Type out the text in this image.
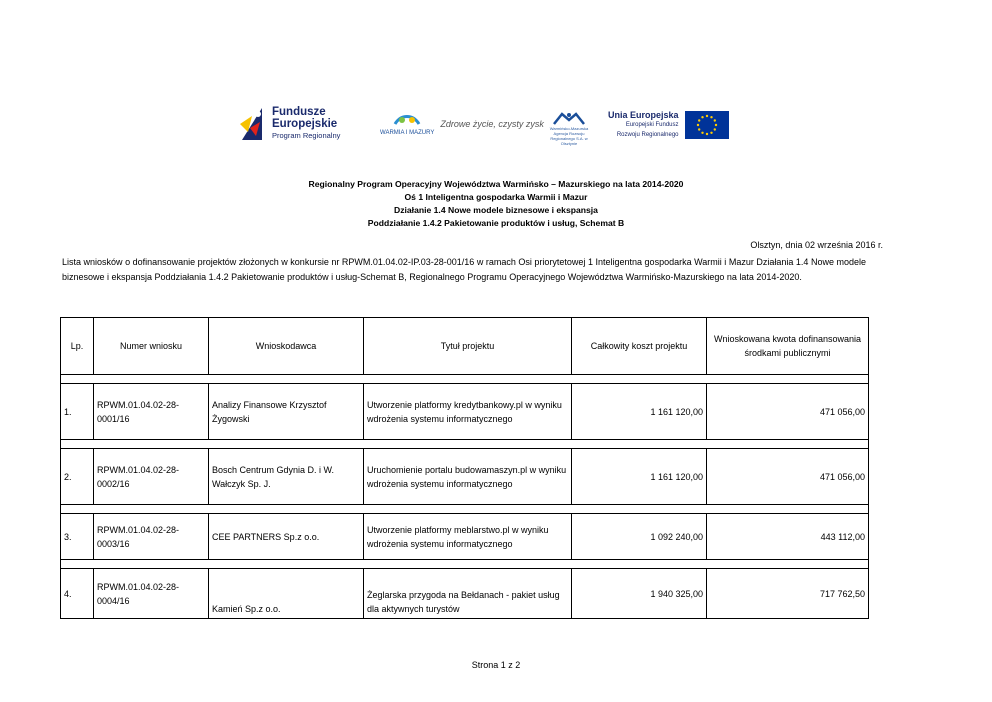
Fundusze
Europejskie
Program Regionalny	WARMIA I MAZURY
Zdrowe życie, czysty zysk	Warmińsko-Mazurska Agencja Rozwoju Regionalnego S.A. w Olsztynie
Unia Europejska
Europejski Fundusz
Rozwoju Regionalnego
Regionalny Program Operacyjny Województwa Warmińsko – Mazurskiego na lata 2014-2020
Oś 1 Inteligentna gospodarka Warmii i Mazur
Działanie 1.4 Nowe modele biznesowe i ekspansja
Poddziałanie 1.4.2 Pakietowanie produktów i usług, Schemat B
Olsztyn, dnia 02 września 2016 r.
Lista wniosków o dofinansowanie projektów złożonych w konkursie nr RPWM.01.04.02-IP.03-28-001/16 w ramach Osi priorytetowej 1 Inteligentna gospodarka Warmii i Mazur Działania 1.4 Nowe modele biznesowe i ekspansja Poddziałania 1.4.2 Pakietowanie produktów i usług-Schemat B, Regionalnego Programu Operacyjnego Województwa Warmińsko-Mazurskiego na lata 2014-2020.
Lp.	Numer wniosku	Wnioskodawca	Tytuł projektu	Całkowity koszt projektu	Wnioskowana kwota dofinansowania środkami publicznymi

1.	RPWM.01.04.02-28-0001/16	Analizy Finansowe Krzysztof Żygowski	Utworzenie platformy kredytbankowy.pl w wyniku wdrożenia systemu informatycznego	1 161 120,00	471 056,00

2.	RPWM.01.04.02-28-0002/16	Bosch Centrum Gdynia D. i W. Wałczyk Sp. J.	Uruchomienie portalu budowamaszyn.pl w wyniku wdrożenia systemu informatycznego	1 161 120,00	471 056,00

3.	RPWM.01.04.02-28-0003/16	CEE PARTNERS Sp.z o.o.	Utworzenie platformy meblarstwo.pl w wyniku wdrożenia systemu informatycznego	1 092 240,00	443 112,00

4.	RPWM.01.04.02-28-0004/16	Kamień Sp.z o.o.	Żeglarska przygoda na Bełdanach - pakiet usług dla aktywnych turystów	1 940 325,00	717 762,50
Strona 1 z 2
